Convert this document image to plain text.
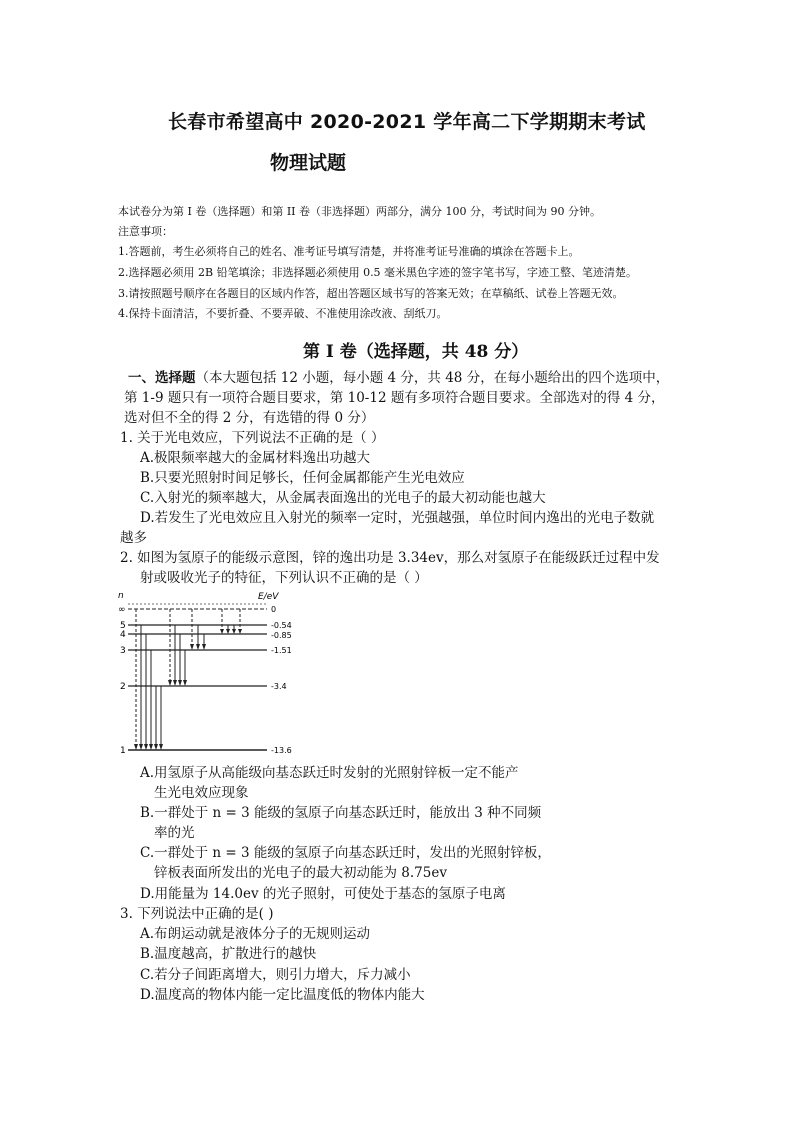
长春市希望高中 2020-2021 学年高二下学期期末考试
物理试题
本试卷分为第 I 卷（选择题）和第 II 卷（非选择题）两部分，满分 100 分，考试时间为 90 分钟。
注意事项：
1.答题前，考生必须将自己的姓名、准考证号填写清楚，并将准考证号准确的填涂在答题卡上。
2.选择题必须用 2B 铅笔填涂；非选择题必须使用 0.5 毫米黑色字迹的签字笔书写，字迹工整、笔迹清楚。
3.请按照题号顺序在各题目的区域内作答，超出答题区域书写的答案无效；在草稿纸、试卷上答题无效。
4.保持卡面清洁，不要折叠、不要弄破、不准使用涂改液、刮纸刀。
第 I 卷（选择题，共 48 分）
一、选择题（本大题包括 12 小题，每小题 4 分，共 48 分，在每小题给出的四个选项中，
第 1-9 题只有一项符合题目要求，第 10-12 题有多项符合题目要求。全部选对的得 4 分，
选对但不全的得 2 分，有选错的得 0 分）
1. 关于光电效应，下列说法不正确的是（ ）
A.极限频率越大的金属材料逸出功越大
B.只要光照射时间足够长，任何金属都能产生光电效应
C.入射光的频率越大，从金属表面逸出的光电子的最大初动能也越大
D.若发生了光电效应且入射光的频率一定时，光强越强，单位时间内逸出的光电子数就
越多
2. 如图为氢原子的能级示意图，锌的逸出功是 3.34ev，那么对氢原子在能级跃迁过程中发
射或吸收光子的特征，下列认识不正确的是（ ）
n	E/eV
∞
5
4
3
2
1
0
-0.54
-0.85
-1.51
-3.4
-13.6
A.用氢原子从高能级向基态跃迁时发射的光照射锌板一定不能产
生光电效应现象
B.一群处于 n = 3 能级的氢原子向基态跃迁时，能放出 3 种不同频
率的光
C.一群处于 n = 3 能级的氢原子向基态跃迁时，发出的光照射锌板，
锌板表面所发出的光电子的最大初动能为 8.75ev
D.用能量为 14.0ev 的光子照射，可使处于基态的氢原子电离
3. 下列说法中正确的是( )
A.布朗运动就是液体分子的无规则运动
B.温度越高，扩散进行的越快
C.若分子间距离增大，则引力增大，斥力减小
D.温度高的物体内能一定比温度低的物体内能大
